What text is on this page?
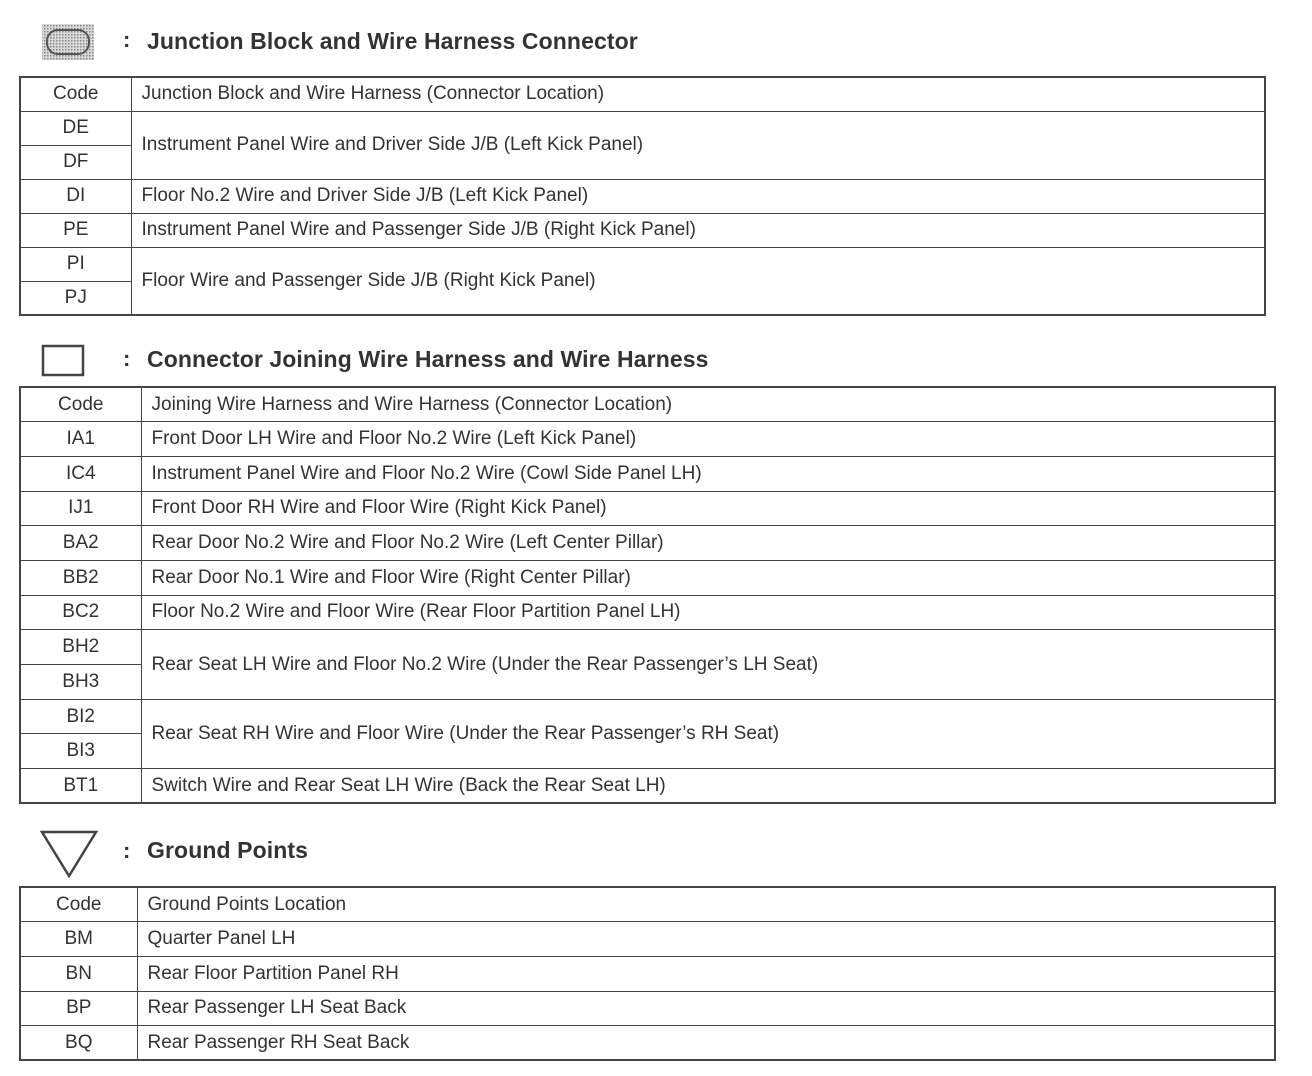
: Junction Block and Wire Harness Connector
Code	Junction Block and Wire Harness (Connector Location)
DE	Instrument Panel Wire and Driver Side J/B (Left Kick Panel)
DF	
DI	Floor No.2 Wire and Driver Side J/B (Left Kick Panel)
PE	Instrument Panel Wire and Passenger Side J/B (Right Kick Panel)
PI	Floor Wire and Passenger Side J/B (Right Kick Panel)
PJ	
: Connector Joining Wire Harness and Wire Harness
Code	Joining Wire Harness and Wire Harness (Connector Location)
IA1	Front Door LH Wire and Floor No.2 Wire (Left Kick Panel)
IC4	Instrument Panel Wire and Floor No.2 Wire (Cowl Side Panel LH)
IJ1	Front Door RH Wire and Floor Wire (Right Kick Panel)
BA2	Rear Door No.2 Wire and Floor No.2 Wire (Left Center Pillar)
BB2	Rear Door No.1 Wire and Floor Wire (Right Center Pillar)
BC2	Floor No.2 Wire and Floor Wire (Rear Floor Partition Panel LH)
BH2	Rear Seat LH Wire and Floor No.2 Wire (Under the Rear Passenger’s LH Seat)
BH3	
BI2	Rear Seat RH Wire and Floor Wire (Under the Rear Passenger’s RH Seat)
BI3	
BT1	Switch Wire and Rear Seat LH Wire (Back the Rear Seat LH)
: Ground Points
Code	Ground Points Location
BM	Quarter Panel LH
BN	Rear Floor Partition Panel RH
BP	Rear Passenger LH Seat Back
BQ	Rear Passenger RH Seat Back
